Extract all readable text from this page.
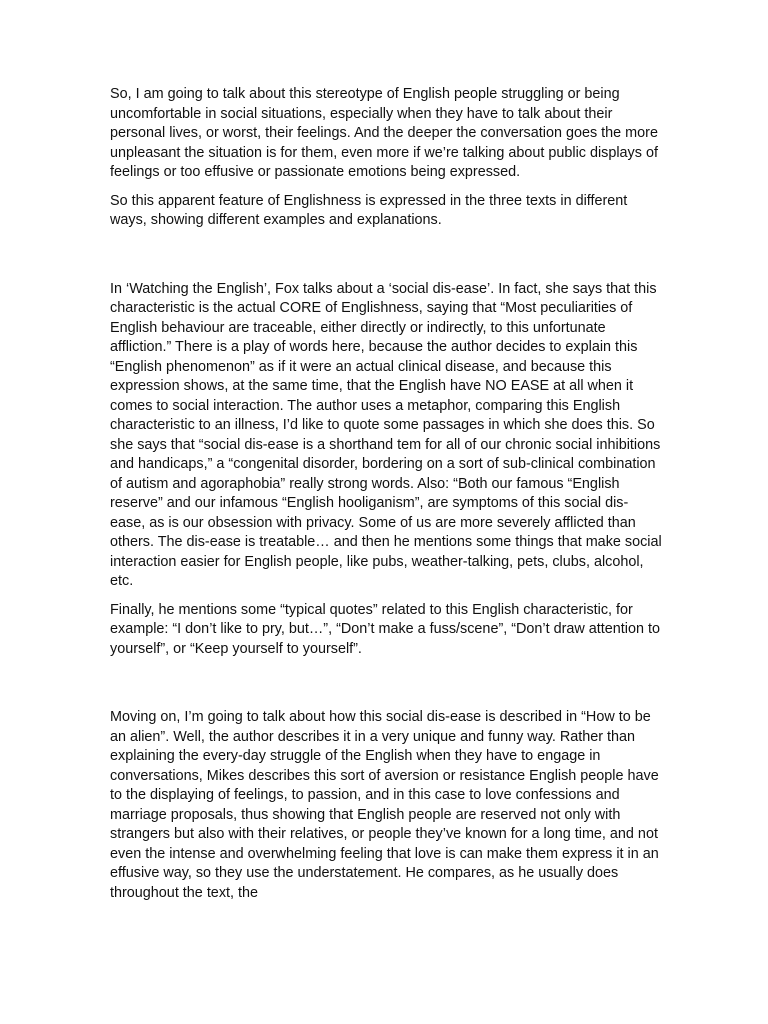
So, I am going to talk about this stereotype of English people struggling or being uncomfortable in social situations, especially when they have to talk about their personal lives, or worst, their feelings. And the deeper the conversation goes the more unpleasant the situation is for them, even more if we’re talking about public displays of feelings or too effusive or passionate emotions being expressed.

So this apparent feature of Englishness is expressed in the three texts in different ways, showing different examples and explanations.

In ‘Watching the English’, Fox talks about a ‘social dis-ease’. In fact, she says that this characteristic is the actual CORE of Englishness, saying that “Most peculiarities of English behaviour are traceable, either directly or indirectly, to this unfortunate affliction.” There is a play of words here, because the author decides to explain this “English phenomenon” as if it were an actual clinical disease, and because this expression shows, at the same time, that the English have NO EASE at all when it comes to social interaction. The author uses a metaphor, comparing this English characteristic to an illness, I’d like to quote some passages in which she does this. So she says that “social dis-ease is a shorthand tem for all of our chronic social inhibitions and handicaps,” a “congenital disorder, bordering on a sort of sub-clinical combination of autism and agoraphobia” really strong words. Also: “Both our famous “English reserve” and our infamous “English hooliganism”, are symptoms of this social dis-ease, as is our obsession with privacy. Some of us are more severely afflicted than others. The dis-ease is treatable… and then he mentions some things that make social interaction easier for English people, like pubs, weather-talking, pets, clubs, alcohol, etc.

Finally, he mentions some “typical quotes” related to this English characteristic, for example: “I don’t like to pry, but…”, “Don’t make a fuss/scene”, “Don’t draw attention to yourself”, or “Keep yourself to yourself”.

Moving on, I’m going to talk about how this social dis-ease is described in “How to be an alien”. Well, the author describes it in a very unique and funny way. Rather than explaining the every-day struggle of the English when they have to engage in conversations, Mikes describes this sort of aversion or resistance English people have to the displaying of feelings, to passion, and in this case to love confessions and marriage proposals, thus showing that English people are reserved not only with strangers but also with their relatives, or people they’ve known for a long time, and not even the intense and overwhelming feeling that love is can make them express it in an effusive way, so they use the understatement. He compares, as he usually does throughout the text, the
